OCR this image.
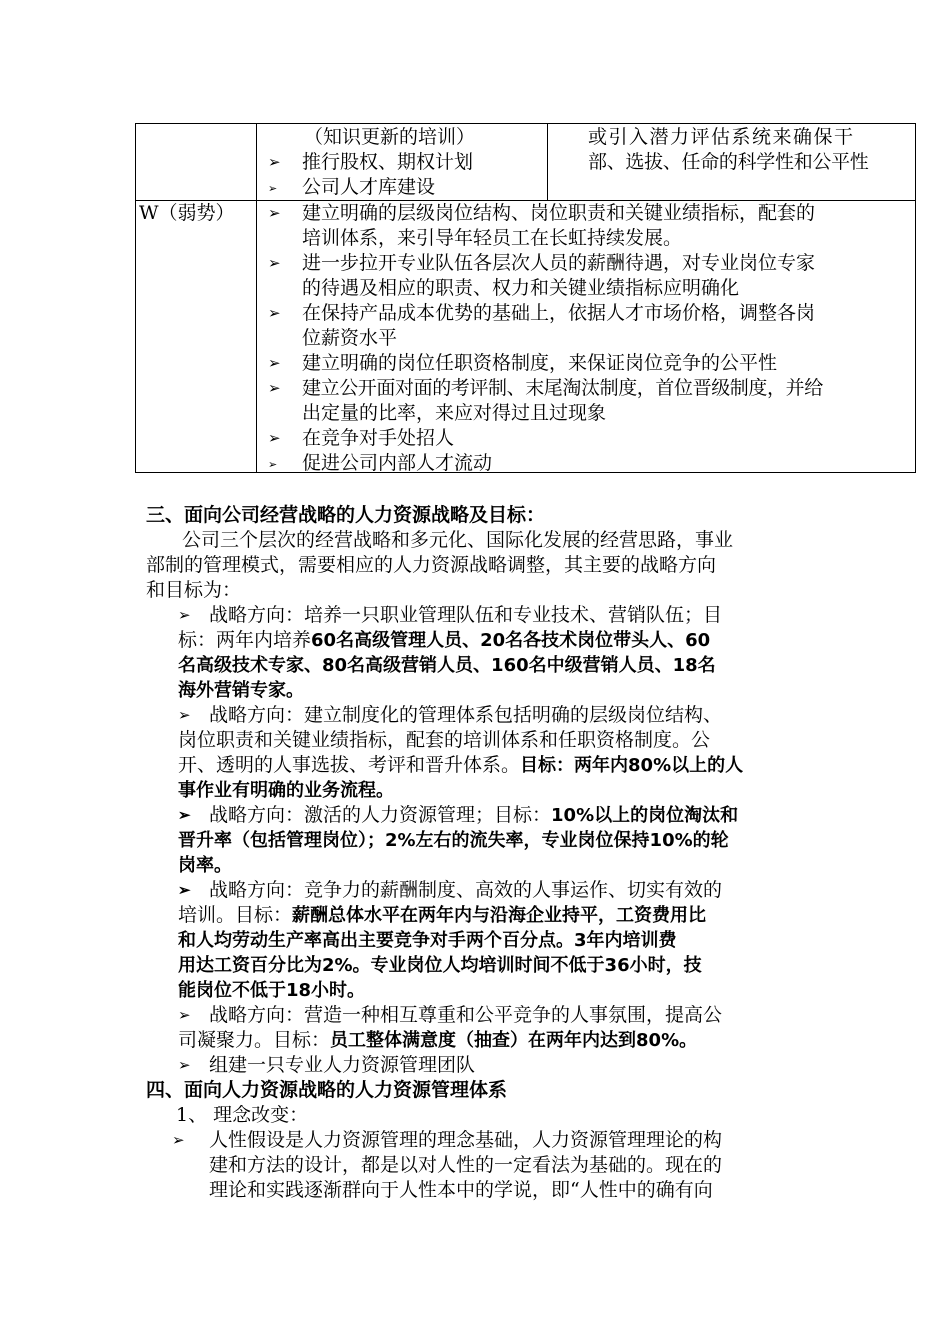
（知识更新的培训）
➢ 推行股权、期权计划
➢ 公司人才库建设
或引入潜力评估系统来确保干
部、选拔、任命的科学性和公平性
W（弱势） ➢ 建立明确的层级岗位结构、岗位职责和关键业绩指标，配套的
培训体系，来引导年轻员工在长虹持续发展。
➢ 进一步拉开专业队伍各层次人员的薪酬待遇，对专业岗位专家
的待遇及相应的职责、权力和关键业绩指标应明确化
➢ 在保持产品成本优势的基础上，依据人才市场价格，调整各岗
位薪资水平
➢ 建立明确的岗位任职资格制度，来保证岗位竞争的公平性
➢ 建立公开面对面的考评制、末尾淘汰制度，首位晋级制度，并给
出定量的比率，来应对得过且过现象
➢ 在竞争对手处招人
➢ 促进公司内部人才流动
三、面向公司经营战略的人力资源战略及目标：
公司三个层次的经营战略和多元化、国际化发展的经营思路，事业
部制的管理模式，需要相应的人力资源战略调整，其主要的战略方向
和目标为：
➢ 战略方向：培养一只职业管理队伍和专业技术、营销队伍；目
标：两年内培养60名高级管理人员、20名各技术岗位带头人、60
名高级技术专家、80名高级营销人员、160名中级营销人员、18名
海外营销专家。
➢ 战略方向：建立制度化的管理体系包括明确的层级岗位结构、
岗位职责和关键业绩指标，配套的培训体系和任职资格制度。公
开、透明的人事选拔、考评和晋升体系。目标：两年内80%以上的人
事作业有明确的业务流程。
➢ 战略方向：激活的人力资源管理；目标：10%以上的岗位淘汰和
晋升率（包括管理岗位）；2%左右的流失率，专业岗位保持10%的轮
岗率。
➢ 战略方向：竞争力的薪酬制度、高效的人事运作、切实有效的
培训。目标：薪酬总体水平在两年内与沿海企业持平，工资费用比
和人均劳动生产率高出主要竞争对手两个百分点。3年内培训费
用达工资百分比为2%。专业岗位人均培训时间不低于36小时，技
能岗位不低于18小时。
➢ 战略方向：营造一种相互尊重和公平竞争的人事氛围，提高公
司凝聚力。目标：员工整体满意度（抽查）在两年内达到80%。
➢ 组建一只专业人力资源管理团队
四、面向人力资源战略的人力资源管理体系
1、 理念改变：
➢ 人性假设是人力资源管理的理念基础，人力资源管理理论的构
建和方法的设计，都是以对人性的一定看法为基础的。现在的
理论和实践逐渐群向于人性本中的学说，即“人性中的确有向
